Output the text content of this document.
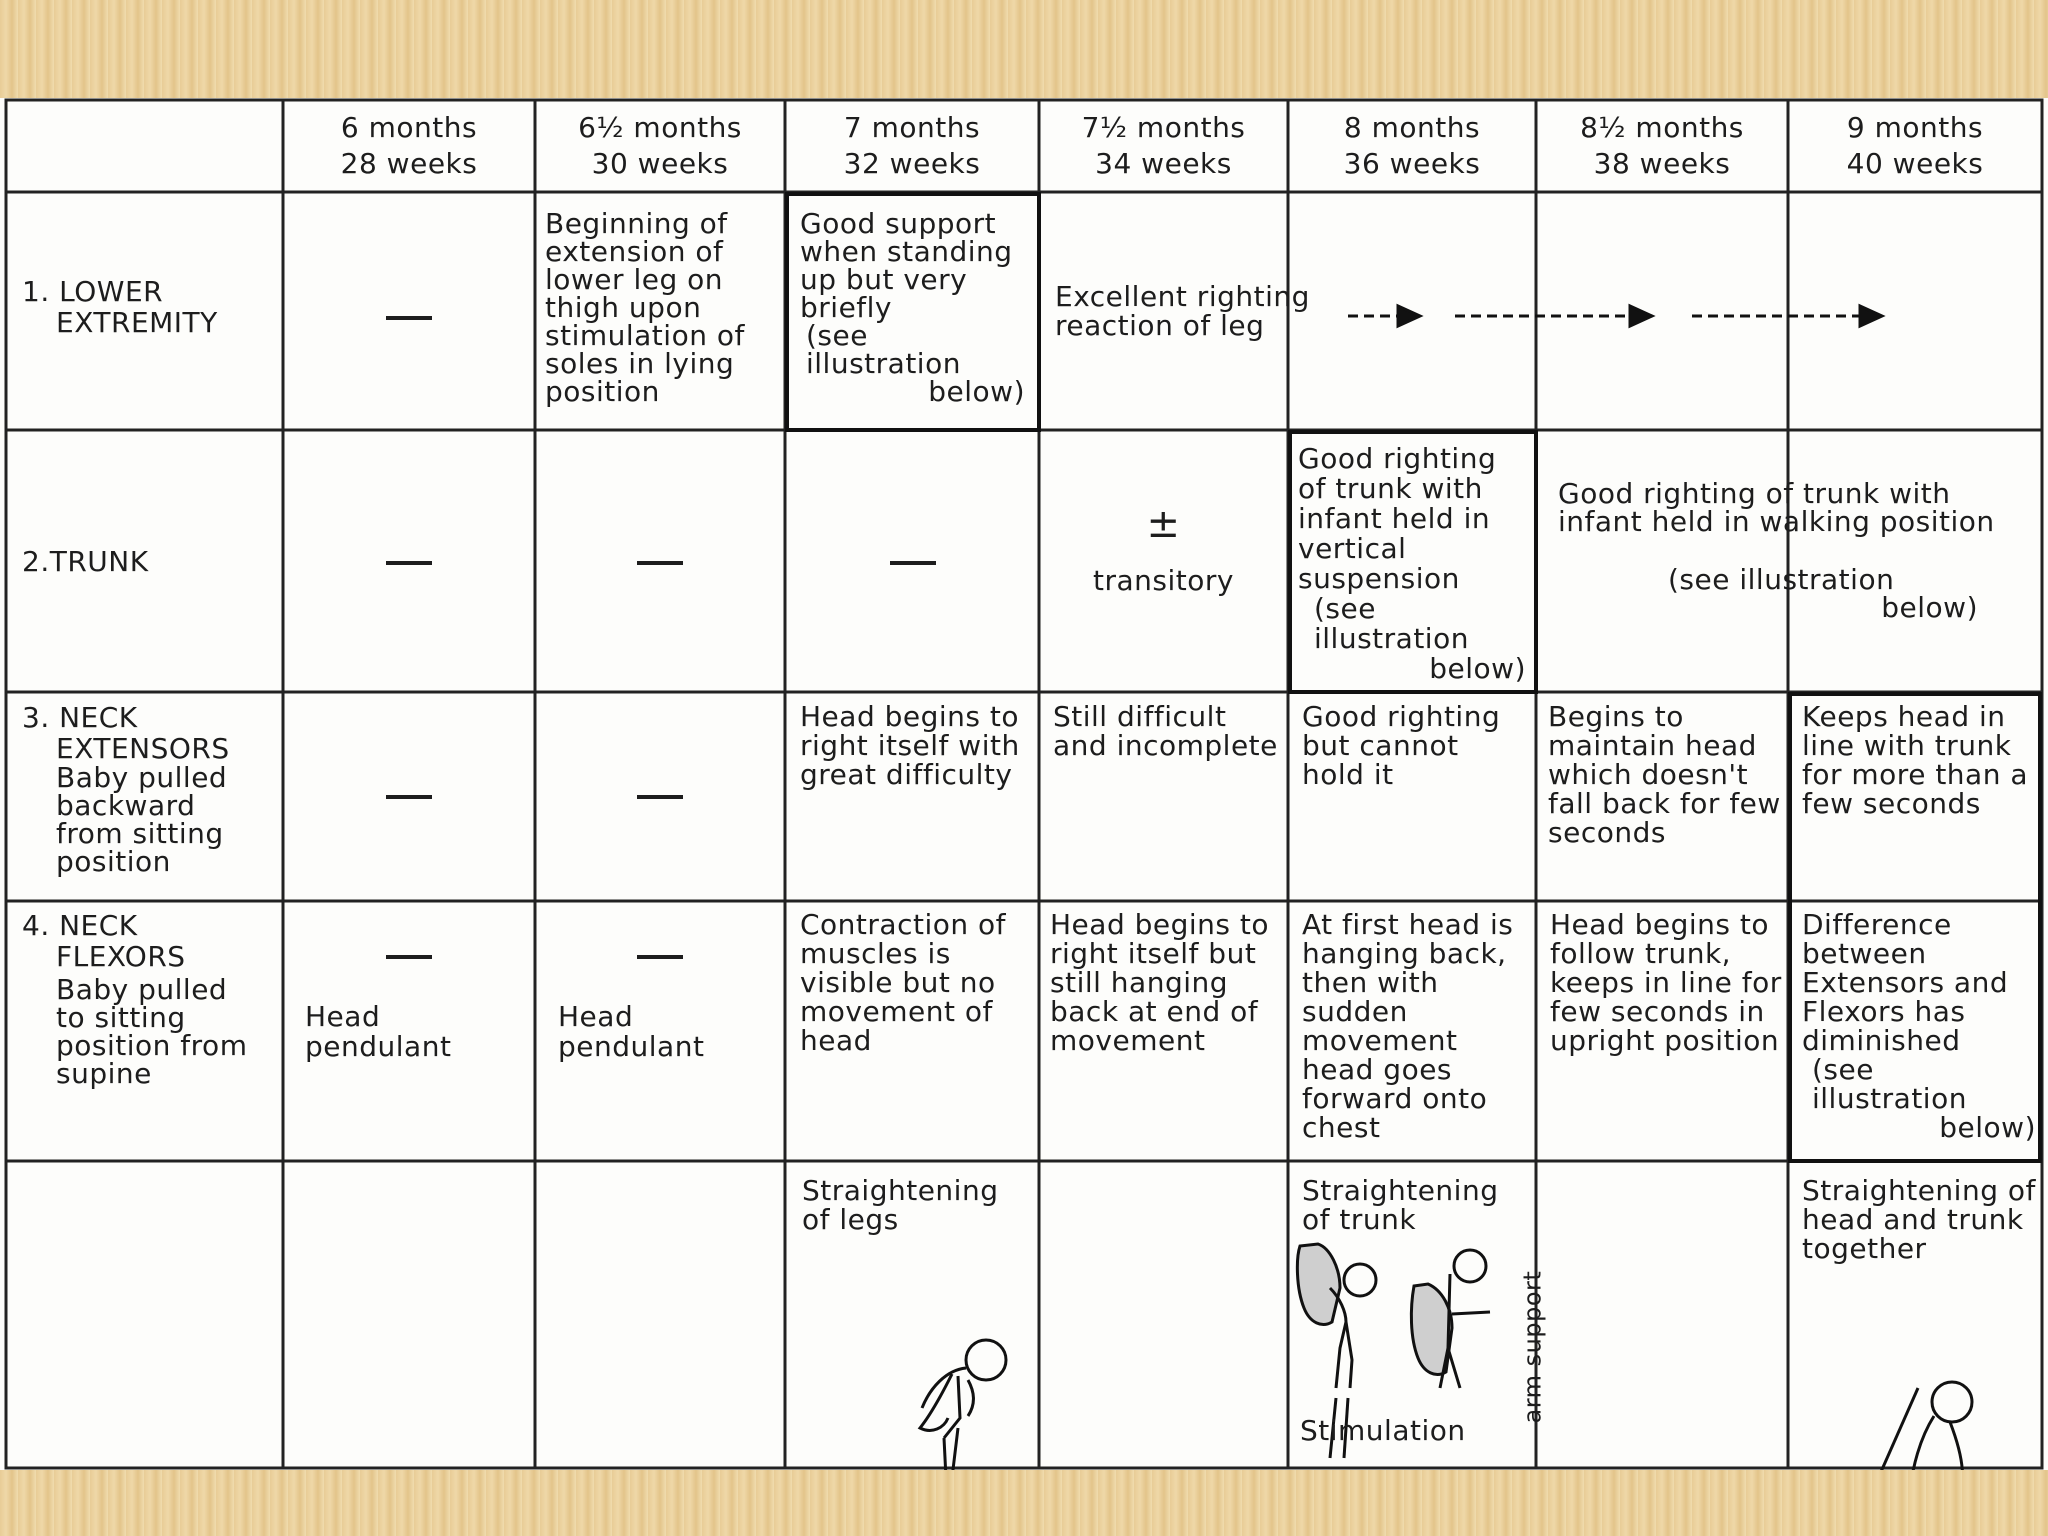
6 months
28 weeks
6½ months
30 weeks
7 months
32 weeks
7½ months
34 weeks
8 months
36 weeks
8½ months
38 weeks
9 months
40 weeks
1. LOWER
EXTREMITY
2.TRUNK
3. NECK
EXTENSORS
Baby pulled
backward
from sitting
position
4. NECK
FLEXORS
Baby pulled
to sitting
position from
supine
Beginning of extension of lower leg on thigh upon stimulation of soles in lying position
Good support when standing up but very briefly
(see illustration
below)
Excellent righting reaction of leg
±
transitory
Good righting of trunk with infant held in vertical suspension
(see illustration
below)
Good righting of trunk with infant held in walking position
(see illustration
below)
Head begins to right itself with great difficulty
Still difficult and incomplete
Good righting but cannot hold it
Begins to maintain head which doesn't fall back for few seconds
Keeps head in line with trunk for more than a few seconds
Head pendulant
Head pendulant
Contraction of muscles is visible but no movement of head
Head begins to right itself but still hanging back at end of movement
At first head is hanging back, then with sudden movement head goes forward onto chest
Head begins to follow trunk, keeps in line for few seconds in upright position
Difference between Extensors and Flexors has diminished
(see illustration
below)
Straightening of legs
Straightening of trunk
Stimulation
arm support
Straightening of head and trunk together
